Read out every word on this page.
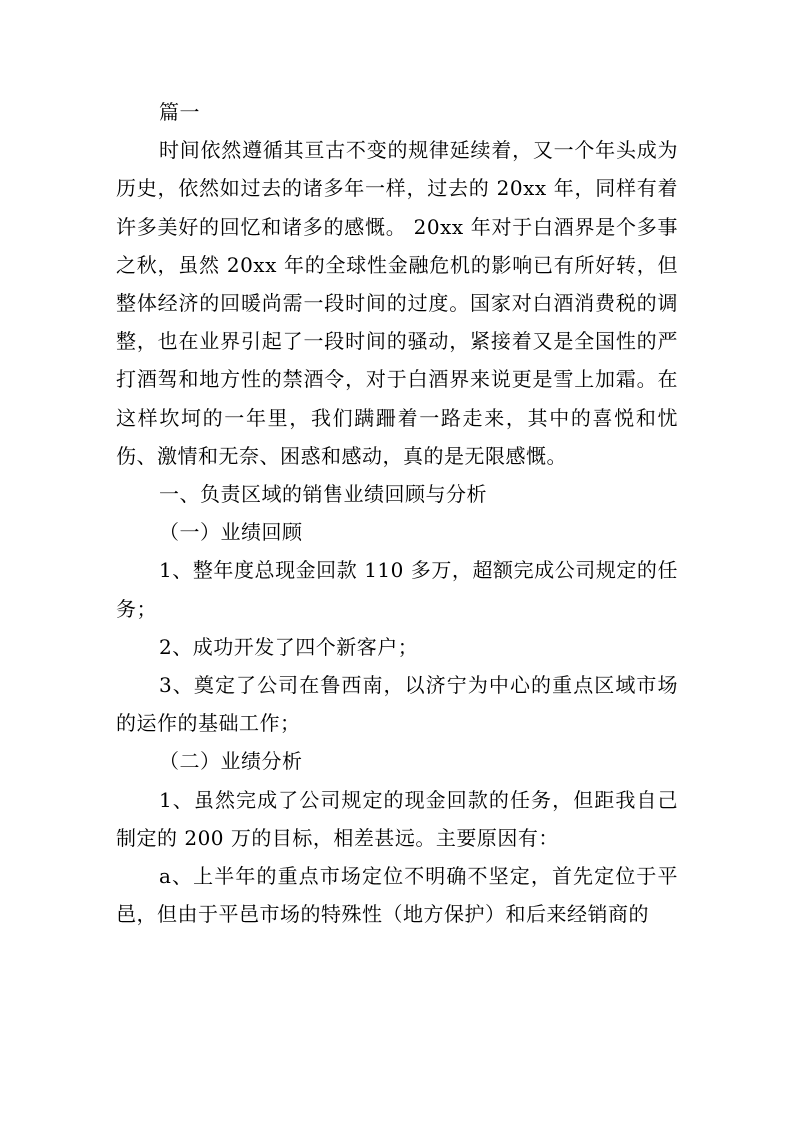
篇一

时间依然遵循其亘古不变的规律延续着，又一个年头成为历史，依然如过去的诸多年一样，过去的 20xx 年，同样有着许多美好的回忆和诸多的感慨。 20xx 年对于白酒界是个多事之秋，虽然 20xx 年的全球性金融危机的影响已有所好转，但整体经济的回暖尚需一段时间的过度。国家对白酒消费税的调整，也在业界引起了一段时间的骚动，紧接着又是全国性的严打酒驾和地方性的禁酒令，对于白酒界来说更是雪上加霜。在这样坎坷的一年里，我们蹒跚着一路走来，其中的喜悦和忧伤、激情和无奈、困惑和感动，真的是无限感慨。

一、负责区域的销售业绩回顾与分析

（一）业绩回顾

1、整年度总现金回款 110 多万，超额完成公司规定的任务；

2、成功开发了四个新客户；

3、奠定了公司在鲁西南，以济宁为中心的重点区域市场的运作的基础工作；

（二）业绩分析

1、虽然完成了公司规定的现金回款的任务，但距我自己制定的 200 万的目标，相差甚远。主要原因有：

a、上半年的重点市场定位不明确不坚定，首先定位于平邑，但由于平邑市场的特殊性（地方保护）和后来经销商的
